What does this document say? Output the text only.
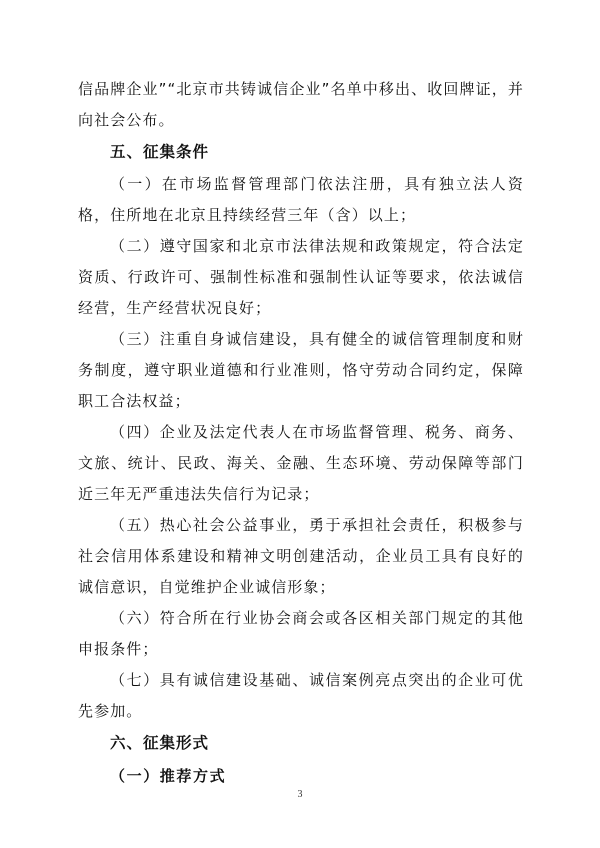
信品牌企业”“北京市共铸诚信企业”名单中移出、收回牌证，并向社会公布。

五、征集条件

（一）在市场监督管理部门依法注册，具有独立法人资格，住所地在北京且持续经营三年（含）以上；

（二）遵守国家和北京市法律法规和政策规定，符合法定资质、行政许可、强制性标准和强制性认证等要求，依法诚信经营，生产经营状况良好；

（三）注重自身诚信建设，具有健全的诚信管理制度和财务制度，遵守职业道德和行业准则，恪守劳动合同约定，保障职工合法权益；

（四）企业及法定代表人在市场监督管理、税务、商务、文旅、统计、民政、海关、金融、生态环境、劳动保障等部门近三年无严重违法失信行为记录；

（五）热心社会公益事业，勇于承担社会责任，积极参与社会信用体系建设和精神文明创建活动，企业员工具有良好的诚信意识，自觉维护企业诚信形象；

（六）符合所在行业协会商会或各区相关部门规定的其他申报条件；

（七）具有诚信建设基础、诚信案例亮点突出的企业可优先参加。

六、征集形式
（一）推荐方式
3
